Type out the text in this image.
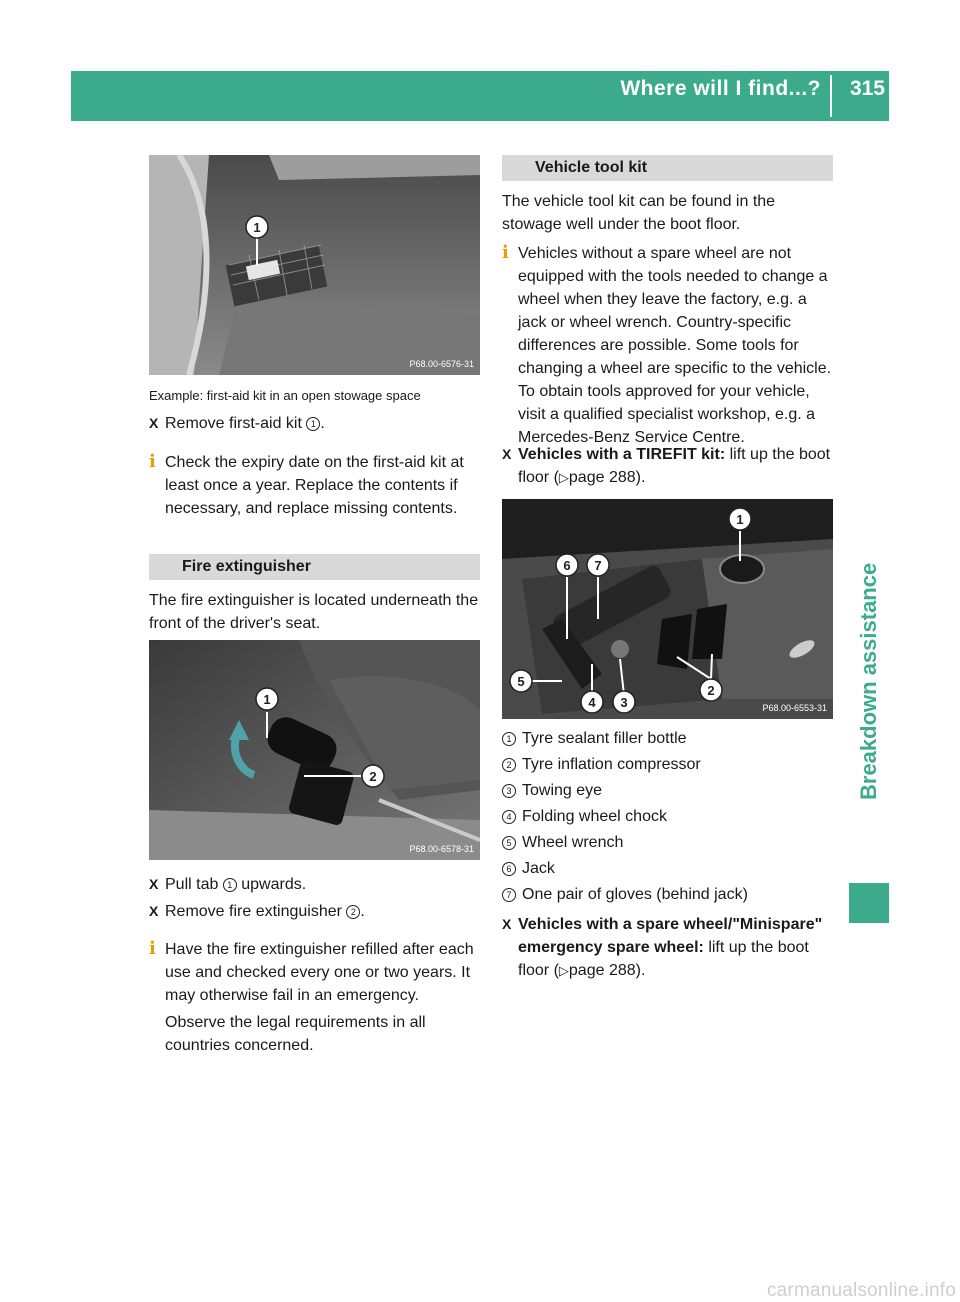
Where will I find...? 315
Breakdown assistance
1
P68.00-6576-31
Example: first-aid kit in an open stowage space
X Remove first-aid kit 1 .
i Check the expiry date on the first-aid kit at least once a year. Replace the contents if necessary, and replace missing contents.
Fire extinguisher
The fire extinguisher is located underneath the front of the driver's seat.
1
2
P68.00-6578-31
X Pull tab 1 upwards.
X Remove fire extinguisher 2 .
i Have the fire extinguisher refilled after each use and checked every one or two years. It may otherwise fail in an emergency.
Observe the legal requirements in all countries concerned.
Vehicle tool kit
The vehicle tool kit can be found in the stowage well under the boot floor.
i Vehicles without a spare wheel are not equipped with the tools needed to change a wheel when they leave the factory, e.g. a jack or wheel wrench. Country-specific differences are possible. Some tools for changing a wheel are specific to the vehicle. To obtain tools approved for your vehicle, visit a qualified specialist workshop, e.g. a Mercedes-Benz Service Centre.
X Vehicles with a TIREFIT kit: lift up the boot floor (▷page 288).
1
6 7
5
4 3
2
P68.00-6553-31
1 Tyre sealant filler bottle
2 Tyre inflation compressor
3 Towing eye
4 Folding wheel chock
5 Wheel wrench
6 Jack
7 One pair of gloves (behind jack)
X Vehicles with a spare wheel/"Minispare" emergency spare wheel: lift up the boot floor (▷page 288).
carmanualsonline.info
